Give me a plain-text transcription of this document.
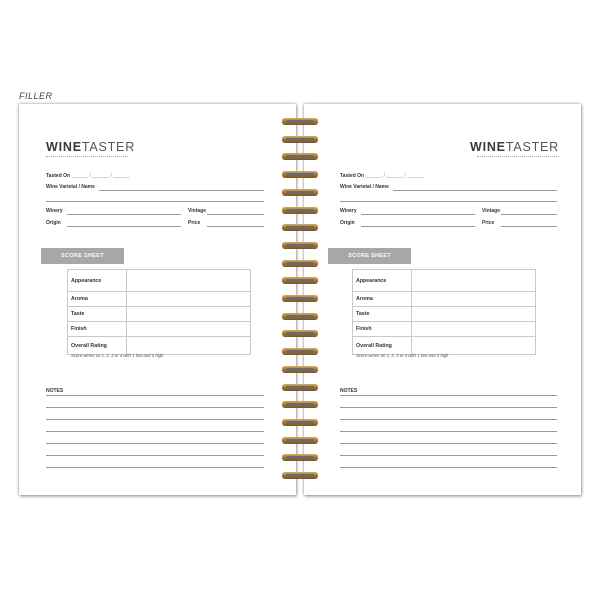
FILLER
WINETASTER
Tasted On ______ / ______ / ______
Wine Varietal / Name
Winery	Vintage
Origin	Price
SCORE SHEET
Appearance	
Aroma	
Taste	
Finish	
Overall Rating	
Score wines on 1, 2, 3 or 4 with 1 low and 4 high
NOTES
WINETASTER
Tasted On ______ / ______ / ______
Wine Varietal / Name
Winery	Vintage
Origin	Price
SCORE SHEET
Appearance	
Aroma	
Taste	
Finish	
Overall Rating	
Score wines on 1, 2, 3 or 4 with 1 low and 4 high
NOTES
